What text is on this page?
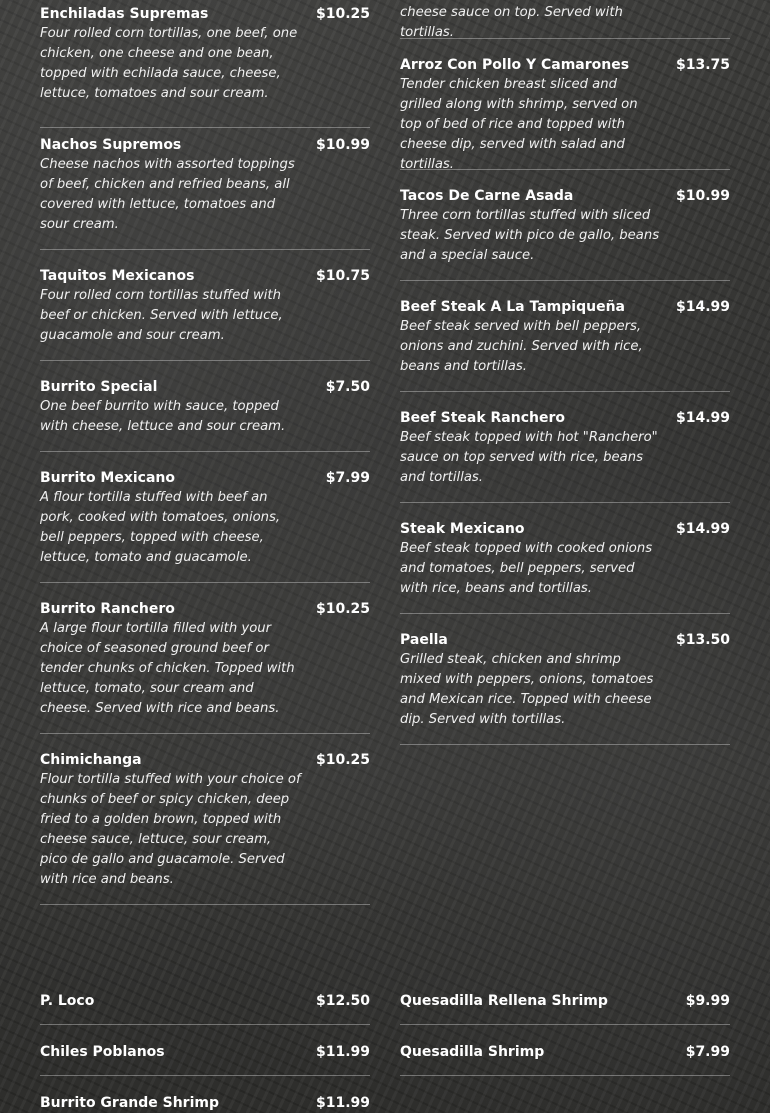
Enchiladas Supremas	$10.25
Four rolled corn tortillas, one beef, one chicken, one cheese and one bean, topped with echilada sauce, cheese, lettuce, tomatoes and sour cream.
Nachos Supremos	$10.99
Cheese nachos with assorted toppings of beef, chicken and refried beans, all covered with lettuce, tomatoes and sour cream.
Taquitos Mexicanos	$10.75
Four rolled corn tortillas stuffed with beef or chicken. Served with lettuce, guacamole and sour cream.
Burrito Special	$7.50
One beef burrito with sauce, topped with cheese, lettuce and sour cream.
Burrito Mexicano	$7.99
A flour tortilla stuffed with beef an pork, cooked with tomatoes, onions, bell peppers, topped with cheese, lettuce, tomato and guacamole.
Burrito Ranchero	$10.25
A large flour tortilla filled with your choice of seasoned ground beef or tender chunks of chicken. Topped with lettuce, tomato, sour cream and cheese. Served with rice and beans.
Chimichanga	$10.25
Flour tortilla stuffed with your choice of chunks of beef or spicy chicken, deep fried to a golden brown, topped with cheese sauce, lettuce, sour cream, pico de gallo and guacamole. Served with rice and beans.
cheese sauce on top. Served with tortillas.
Arroz Con Pollo Y Camarones	$13.75
Tender chicken breast sliced and grilled along with shrimp, served on top of bed of rice and topped with cheese dip, served with salad and tortillas.
Tacos De Carne Asada	$10.99
Three corn tortillas stuffed with sliced steak. Served with pico de gallo, beans and a special sauce.
Beef Steak A La Tampiqueña	$14.99
Beef steak served with bell peppers, onions and zuchini. Served with rice, beans and tortillas.
Beef Steak Ranchero	$14.99
Beef steak topped with hot "Ranchero" sauce on top served with rice, beans and tortillas.
Steak Mexicano	$14.99
Beef steak topped with cooked onions and tomatoes, bell peppers, served with rice, beans and tortillas.
Paella	$13.50
Grilled steak, chicken and shrimp mixed with peppers, onions, tomatoes and Mexican rice. Topped with cheese dip. Served with tortillas.
P. Loco	$12.50
Chiles Poblanos	$11.99
Burrito Grande Shrimp	$11.99
Quesadilla Rellena Shrimp	$9.99
Quesadilla Shrimp	$7.99
